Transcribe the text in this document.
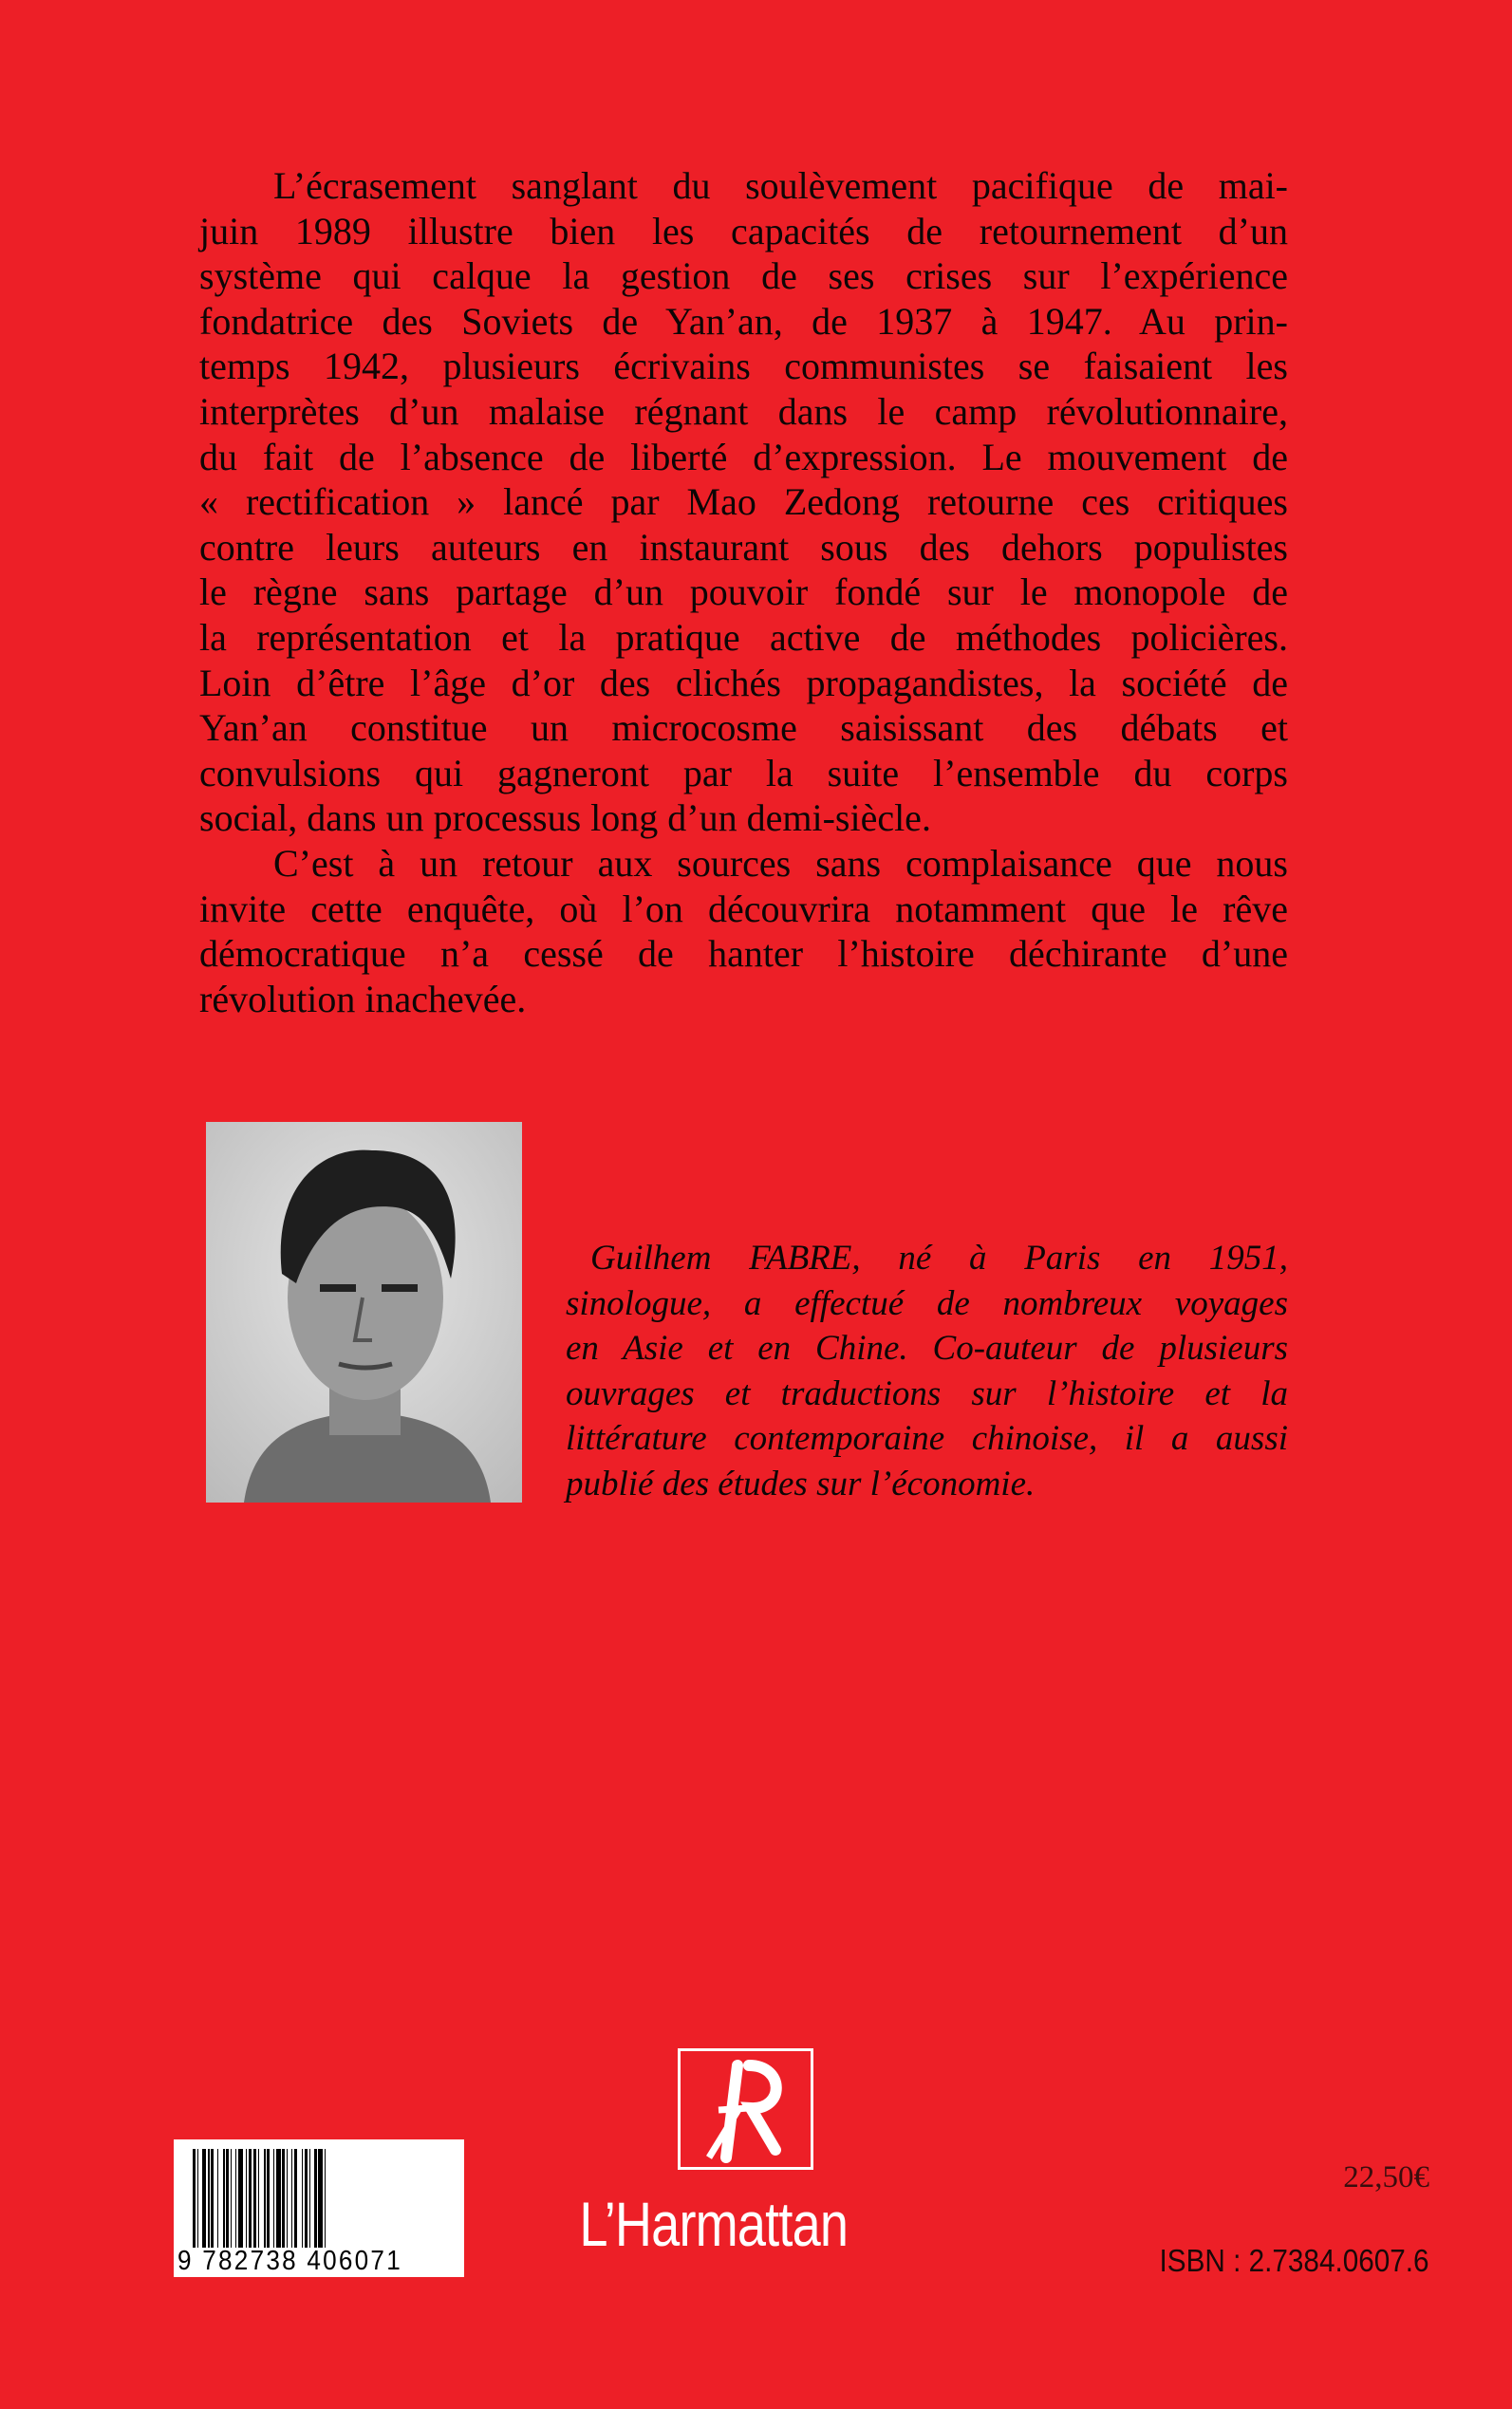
L’écrasement sanglant du soulèvement pacifique de mai-
juin 1989 illustre bien les capacités de retournement d’un
système qui calque la gestion de ses crises sur l’expérience
fondatrice des Soviets de Yan’an, de 1937 à 1947. Au prin-
temps 1942, plusieurs écrivains communistes se faisaient les
interprètes d’un malaise régnant dans le camp révolutionnaire,
du fait de l’absence de liberté d’expression. Le mouvement de
« rectification » lancé par Mao Zedong retourne ces critiques
contre leurs auteurs en instaurant sous des dehors populistes
le règne sans partage d’un pouvoir fondé sur le monopole de
la représentation et la pratique active de méthodes policières.
Loin d’être l’âge d’or des clichés propagandistes, la société de
Yan’an constitue un microcosme saisissant des débats et
convulsions qui gagneront par la suite l’ensemble du corps
social, dans un processus long d’un demi-siècle.
C’est à un retour aux sources sans complaisance que nous
invite cette enquête, où l’on découvrira notamment que le rêve
démocratique n’a cessé de hanter l’histoire déchirante d’une
révolution inachevée.
Guilhem FABRE, né à Paris en 1951,
sinologue, a effectué de nombreux voyages
en Asie et en Chine. Co-auteur de plusieurs
ouvrages et traductions sur l’histoire et la
littérature contemporaine chinoise, il a aussi
publié des études sur l’économie.
L’Harmattan
9 782738 406071
22,50€
ISBN : 2.7384.0607.6
